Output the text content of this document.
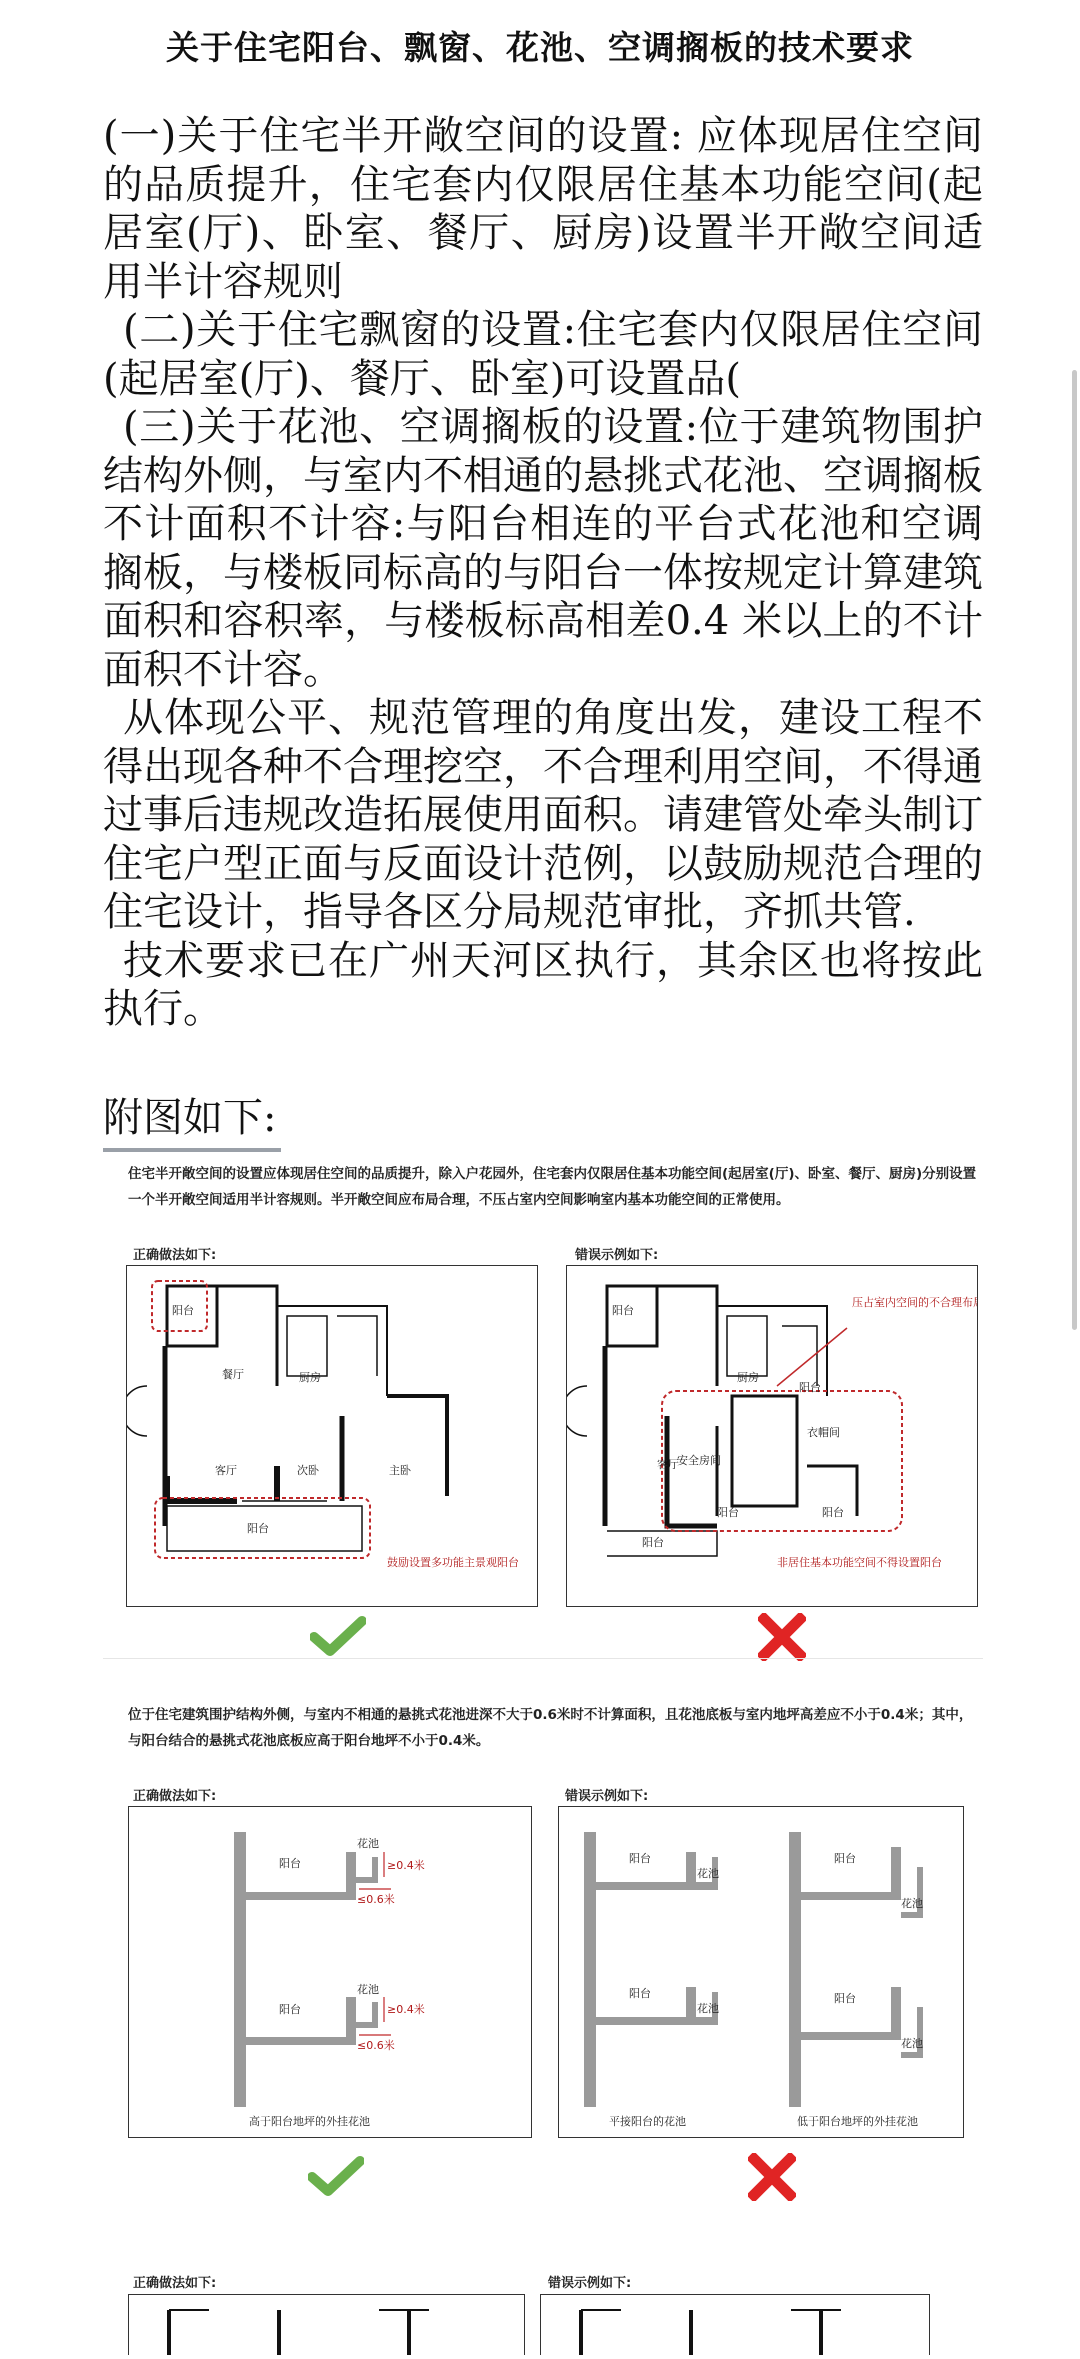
关于住宅阳台、飘窗、花池、空调搁板的技术要求

(一)关于住宅半开敞空间的设置: 应体现居住空间的品质提升，住宅套内仅限居住基本功能空间(起居室(厅)、卧室、餐厅、厨房)设置半开敞空间适用半计容规则

(二)关于住宅飘窗的设置:住宅套内仅限居住空间(起居室(厅)、餐厅、卧室)可设置品(

(三)关于花池、空调搁板的设置:位于建筑物围护结构外侧，与室内不相通的悬挑式花池、空调搁板不计面积不计容:与阳台相连的平台式花池和空调搁板，与楼板同标高的与阳台一体按规定计算建筑面积和容积率，与楼板标高相差0.4 米以上的不计面积不计容。

从体现公平、规范管理的角度出发，建设工程不得出现各种不合理挖空，不合理利用空间，不得通过事后违规改造拓展使用面积。请建管处牵头制订住宅户型正面与反面设计范例，以鼓励规范合理的住宅设计，指导各区分局规范审批，齐抓共管.

技术要求已在广州天河区执行，其余区也将按此执行。

附图如下:
住宅半开敞空间的设置应体现居住空间的品质提升，除入户花园外，住宅套内仅限居住基本功能空间(起居室(厅)、卧室、餐厅、厨房)分别设置一个半开敞空间适用半计容规则。半开敞空间应布局合理，不压占室内空间影响室内基本功能空间的正常使用。
正确做法如下:	错误示例如下:
阳台
餐厅	厨房
客厅	次卧	主卧
阳台
鼓励设置多功能主景观阳台
阳台
厨房
阳台
衣帽间
客厅
安全房间
阳台	阳台
阳台
压占室内空间的不合理布局
非居住基本功能空间不得设置阳台
位于住宅建筑围护结构外侧，与室内不相通的悬挑式花池进深不大于0.6米时不计算面积，且花池底板与室内地坪高差应不小于0.4米；其中，与阳台结合的悬挑式花池底板应高于阳台地坪不小于0.4米。
正确做法如下:	错误示例如下:
阳台
花池
≥0.4米
≤0.6米
阳台
花池
≥0.4米
≤0.6米
高于阳台地坪的外挂花池
阳台
花池
阳台
花池
阳台
花池
阳台
花池
平接阳台的花池	低于阳台地坪的外挂花池
正确做法如下:	错误示例如下:
